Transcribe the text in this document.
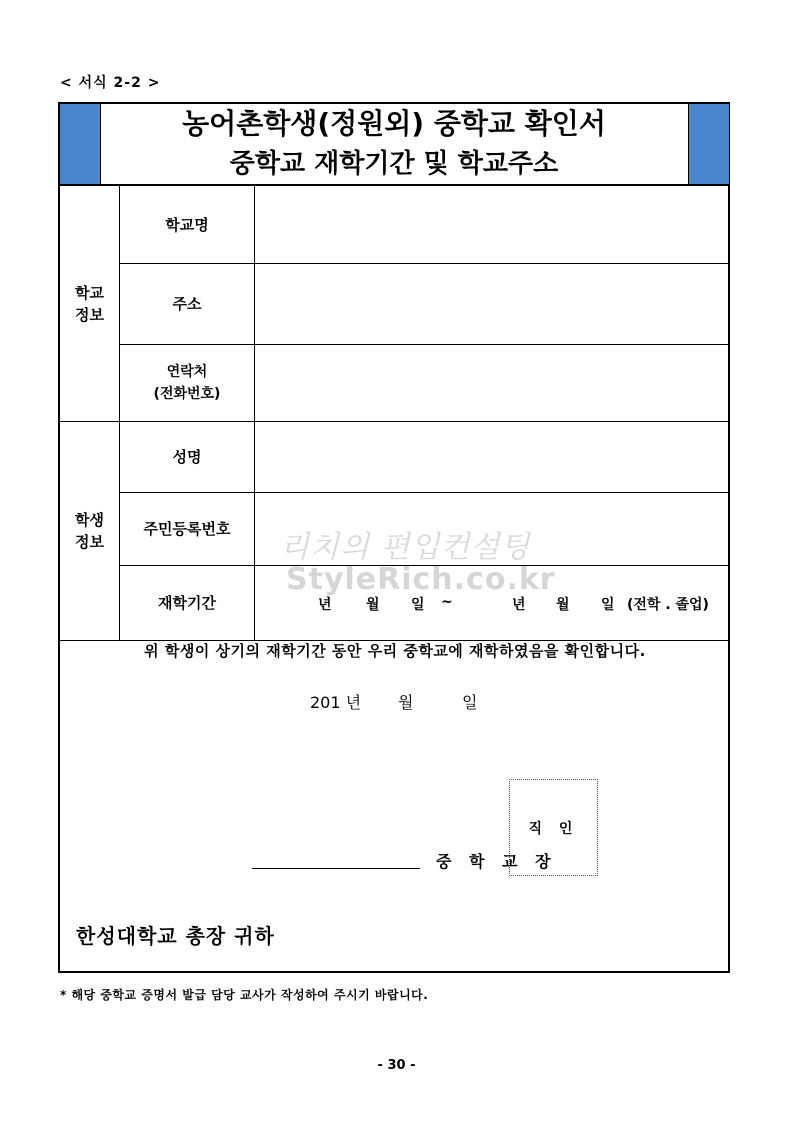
< 서식 2-2 >
농어촌학생(정원외) 중학교 확인서
중학교 재학기간 및 학교주소
학교
정보
학교명
주소
연락처
(전화번호)
학생
정보
성명
주민등록번호
재학기간
리치의 편입컨설팅
StyleRich.co.kr
년 월 일 ~	년 월 일 (전학 . 졸업)
위 학생이 상기의 재학기간 동안 우리 중학교에 재학하였음을 확인합니다.
201 년 월	일
직 인
중 학 교 장
한성대학교 총장 귀하
* 해당 중학교 증명서 발급 담당 교사가 작성하여 주시기 바랍니다.
- 30 -
